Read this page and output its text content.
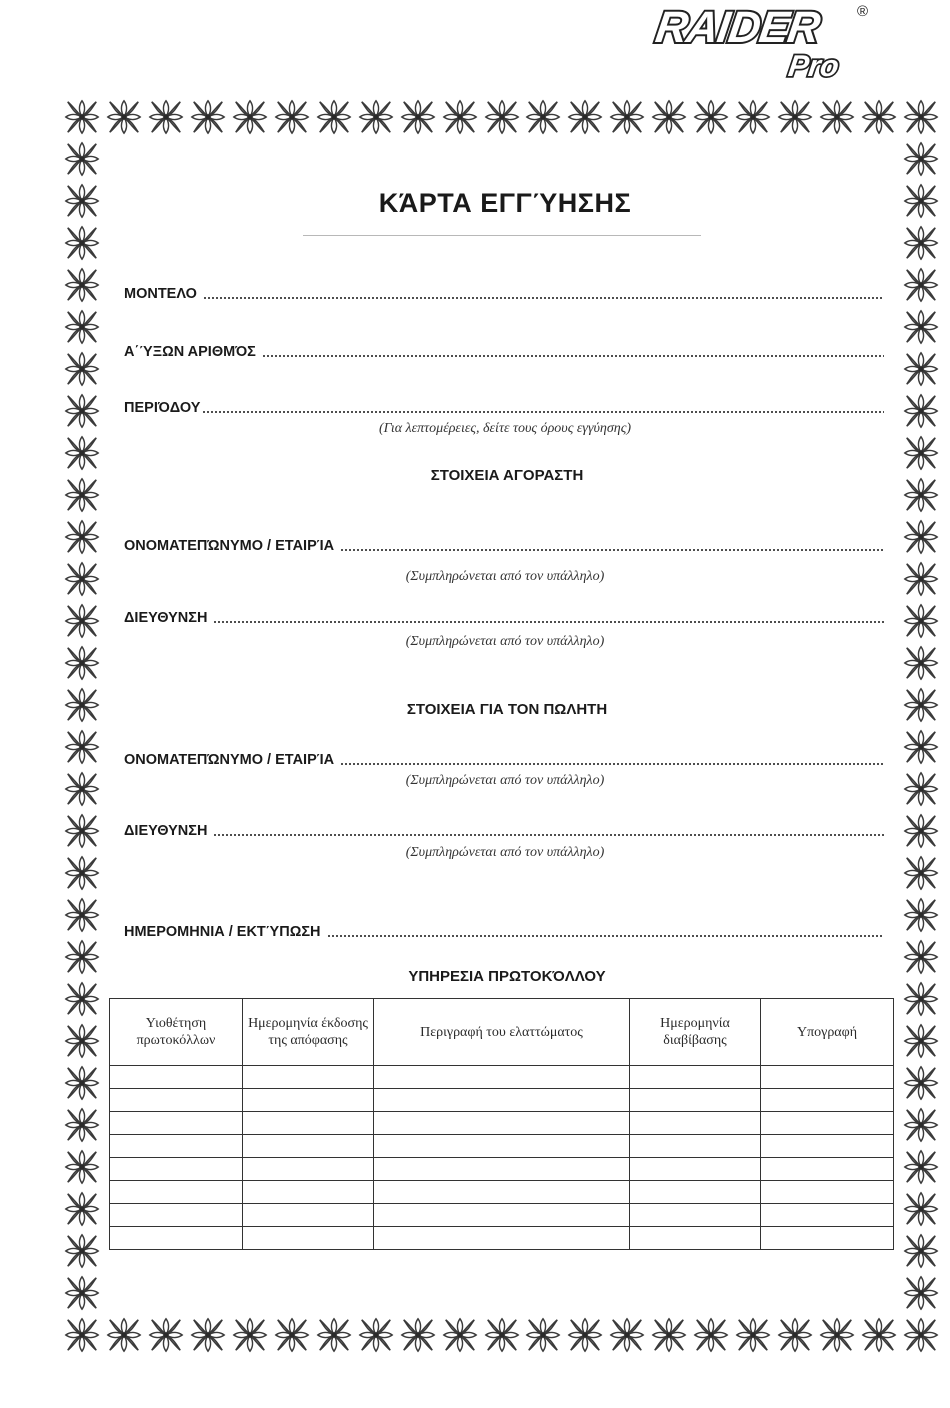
RAIDER ®
Pro
ΚΆΡΤΑ ΕΓΓΎΗΣΗΣ
ΜΟΝΤΕΛΟ
Α΄ΎΞΩΝ ΑΡΙΘΜΌΣ
ΠΕΡΙΌΔΟΥ
(Για λεπτομέρειες, δείτε τους όρους εγγύησης)
ΣΤΟΙΧΕΙΑ ΑΓΟΡΑΣΤΗ
ΟΝΟΜΑΤΕΠΏΝΥΜΟ / ΕΤΑΙΡΊΑ
(Συμπληρώνεται από τον υπάλληλο)
ΔΙΕΥΘΥΝΣΗ
(Συμπληρώνεται από τον υπάλληλο)
ΣΤΟΙΧΕΙΑ ΓΙΑ ΤΟΝ ΠΩΛΗΤΗ
ΟΝΟΜΑΤΕΠΏΝΥΜΟ / ΕΤΑΙΡΊΑ
(Συμπληρώνεται από τον υπάλληλο)
ΔΙΕΥΘΥΝΣΗ
(Συμπληρώνεται από τον υπάλληλο)
ΗΜΕΡΟΜΗΝΙΑ / ΕΚΤΎΠΩΣΗ
ΥΠΗΡΕΣΙΑ ΠΡΩΤΟΚΌΛΛΟΥ
Υιοθέτηση πρωτοκόλλων	Ημερομηνία έκδοσης της απόφασης	Περιγραφή του ελαττώματος	Ημερομηνία διαβίβασης	Υπογραφή
